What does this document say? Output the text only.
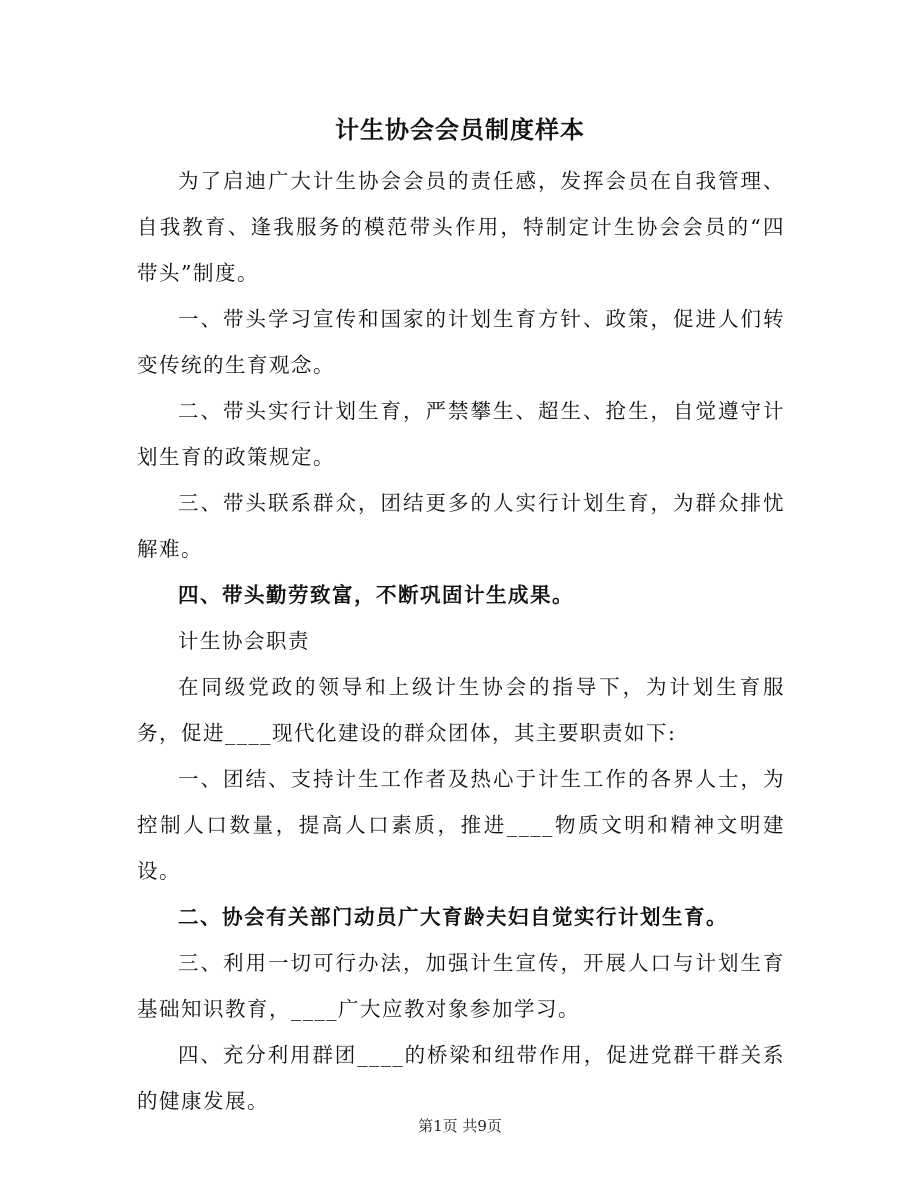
计生协会会员制度样本

为了启迪广大计生协会会员的责任感，发挥会员在自我管理、自我教育、逢我服务的模范带头作用，特制定计生协会会员的“四带头”制度。

一、带头学习宣传和国家的计划生育方针、政策，促进人们转变传统的生育观念。

二、带头实行计划生育，严禁攀生、超生、抢生，自觉遵守计划生育的政策规定。

三、带头联系群众，团结更多的人实行计划生育，为群众排忧解难。

四、带头勤劳致富，不断巩固计生成果。

计生协会职责

在同级党政的领导和上级计生协会的指导下，为计划生育服务，促进____现代化建设的群众团体，其主要职责如下:

一、团结、支持计生工作者及热心于计生工作的各界人士，为控制人口数量，提高人口素质，推进____物质文明和精神文明建设。

二、协会有关部门动员广大育龄夫妇自觉实行计划生育。

三、利用一切可行办法，加强计生宣传，开展人口与计划生育基础知识教育，____广大应教对象参加学习。

四、充分利用群团____的桥梁和纽带作用，促进党群干群关系的健康发展。

第1页 共9页
